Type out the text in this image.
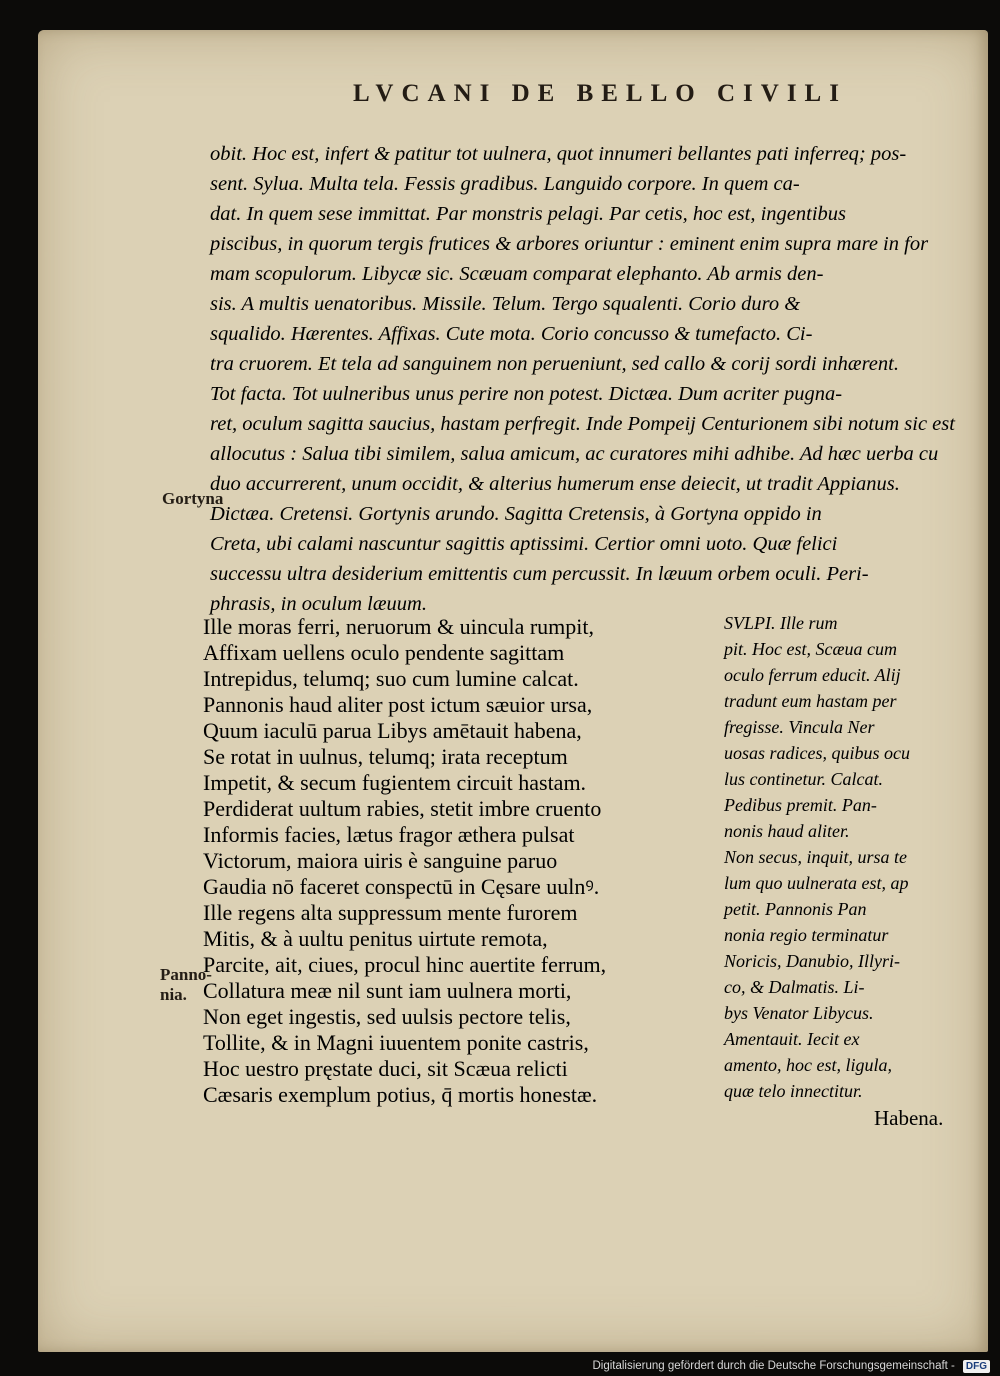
LVCANI DE BELLO CIVILI
Gortyna
Panno-
nia.
obit. Hoc est, infert & patitur tot uulnera, quot innumeri bellantes pati inferreq; pos-
sent. Sylua. Multa tela. Fessis gradibus. Languido corpore. In quem ca-
dat. In quem sese immittat. Par monstris pelagi. Par cetis, hoc est, ingentibus
piscibus, in quorum tergis frutices & arbores oriuntur : eminent enim supra mare in for
mam scopulorum. Libycæ sic. Scæuam comparat elephanto. Ab armis den-
sis. A multis uenatoribus. Missile. Telum. Tergo squalenti. Corio duro &
squalido. Hærentes. Affixas. Cute mota. Corio concusso & tumefacto. Ci-
tra cruorem. Et tela ad sanguinem non perueniunt, sed callo & corij sordi inhærent.
Tot facta. Tot uulneribus unus perire non potest. Dictæa. Dum acriter pugna-
ret, oculum sagitta saucius, hastam perfregit. Inde Pompeij Centurionem sibi notum sic est
allocutus : Salua tibi similem, salua amicum, ac curatores mihi adhibe. Ad hæc uerba cu
duo accurrerent, unum occidit, & alterius humerum ense deiecit, ut tradit Appianus.
Dictæa. Cretensi. Gortynis arundo. Sagitta Cretensis, à Gortyna oppido in
Creta, ubi calami nascuntur sagittis aptissimi. Certior omni uoto. Quæ felici
successu ultra desiderium emittentis cum percussit. In læuum orbem oculi. Peri-
phrasis, in oculum læuum.
Ille moras ferri, neruorum & uincula rumpit,
Affixam uellens oculo pendente sagittam
Intrepidus, telumq; suo cum lumine calcat.
Pannonis haud aliter post ictum sæuior ursa,
Quum iaculū parua Libys amētauit habena,
Se rotat in uulnus, telumq; irata receptum
Impetit, & secum fugientem circuit hastam.
Perdiderat uultum rabies, stetit imbre cruento
Informis facies, lætus fragor æthera pulsat
Victorum, maiora uiris è sanguine paruo
Gaudia nō faceret conspectū in Cęsare uulnꝰ.
Ille regens alta suppressum mente furorem
Mitis, & à uultu penitus uirtute remota,
Parcite, ait, ciues, procul hinc auertite ferrum,
Collatura meæ nil sunt iam uulnera morti,
Non eget ingestis, sed uulsis pectore telis,
Tollite, & in Magni iuuentem ponite castris,
Hoc uestro pręstate duci, sit Scæua relicti
Cæsaris exemplum potius, q̄ mortis honestæ.
SVLPI. Ille rum
pit. Hoc est, Scæua cum
oculo ferrum educit. Alij
tradunt eum hastam per
fregisse. Vincula Ner
uosas radices, quibus ocu
lus continetur. Calcat.
Pedibus premit. Pan-
nonis haud aliter.
Non secus, inquit, ursa te
lum quo uulnerata est, ap
petit. Pannonis Pan
nonia regio terminatur
Noricis, Danubio, Illyri-
co, & Dalmatis. Li-
bys Venator Libycus.
Amentauit. Iecit ex
amento, hoc est, ligula,
quæ telo innectitur.
Habena.
Digitalisierung gefördert durch die Deutsche Forschungsgemeinschaft -	DFG
